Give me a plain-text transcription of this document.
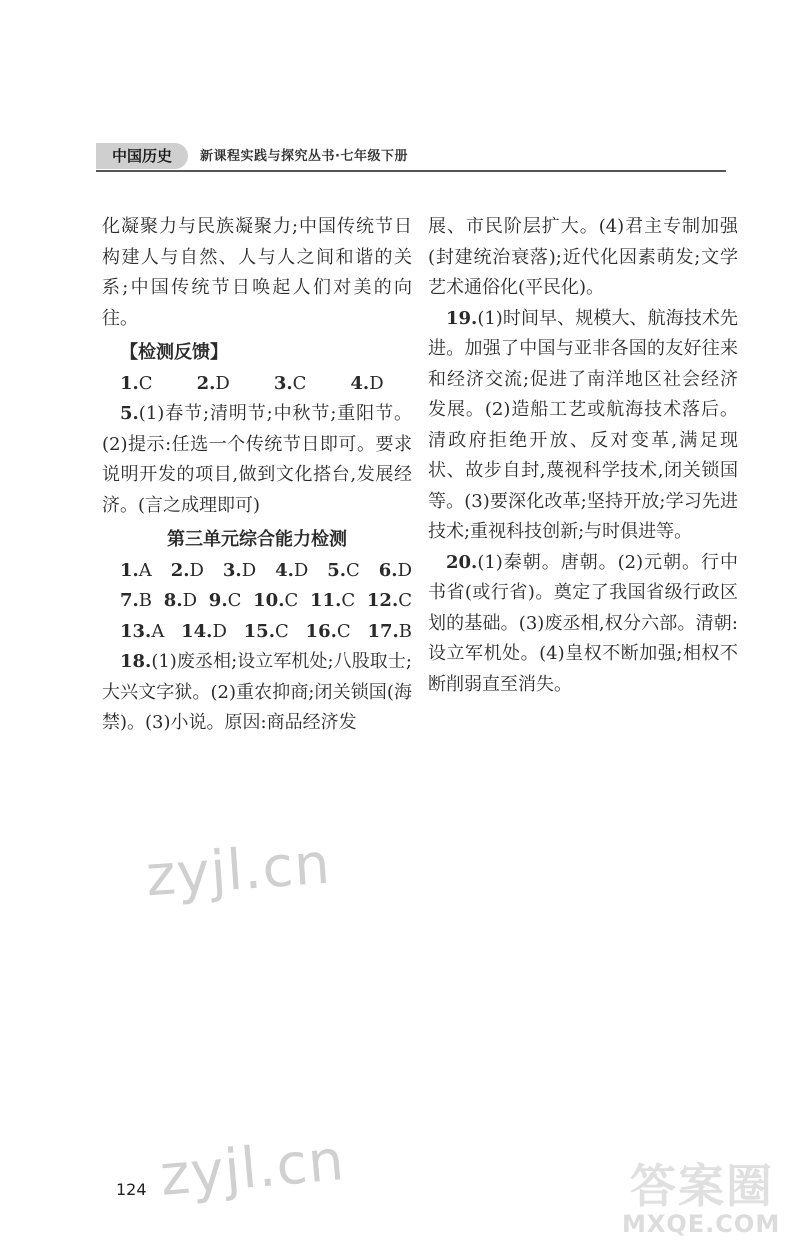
中国历史	新课程实践与探究丛书·七年级下册

化凝聚力与民族凝聚力;中国传统节日构建人与自然、人与人之间和谐的关系;中国传统节日唤起人们对美的向往。

【检测反馈】

1.C	2.D	3.C	4.D

5.(1)春节;清明节;中秋节;重阳节。(2)提示:任选一个传统节日即可。要求说明开发的项目,做到文化搭台,发展经济。(言之成理即可)

第三单元综合能力检测

1.A 2.D 3.D 4.D 5.C 6.D

7.B 8.D 9.C 10.C 11.C 12.C

13.A 14.D 15.C 16.C 17.B

18.(1)废丞相;设立军机处;八股取士;大兴文字狱。(2)重农抑商;闭关锁国(海禁)。(3)小说。原因:商品经济发

展、市民阶层扩大。(4)君主专制加强(封建统治衰落);近代化因素萌发;文学艺术通俗化(平民化)。

19.(1)时间早、规模大、航海技术先进。加强了中国与亚非各国的友好往来和经济交流;促进了南洋地区社会经济发展。(2)造船工艺或航海技术落后。清政府拒绝开放、反对变革,满足现状、故步自封,蔑视科学技术,闭关锁国等。(3)要深化改革;坚持开放;学习先进技术;重视科技创新;与时俱进等。

20.(1)秦朝。唐朝。(2)元朝。行中书省(或行省)。奠定了我国省级行政区划的基础。(3)废丞相,权分六部。清朝:设立军机处。(4)皇权不断加强;相权不断削弱直至消失。

zyjl.cn
zyjl.cn
124	答案圈
MXQE.COM
